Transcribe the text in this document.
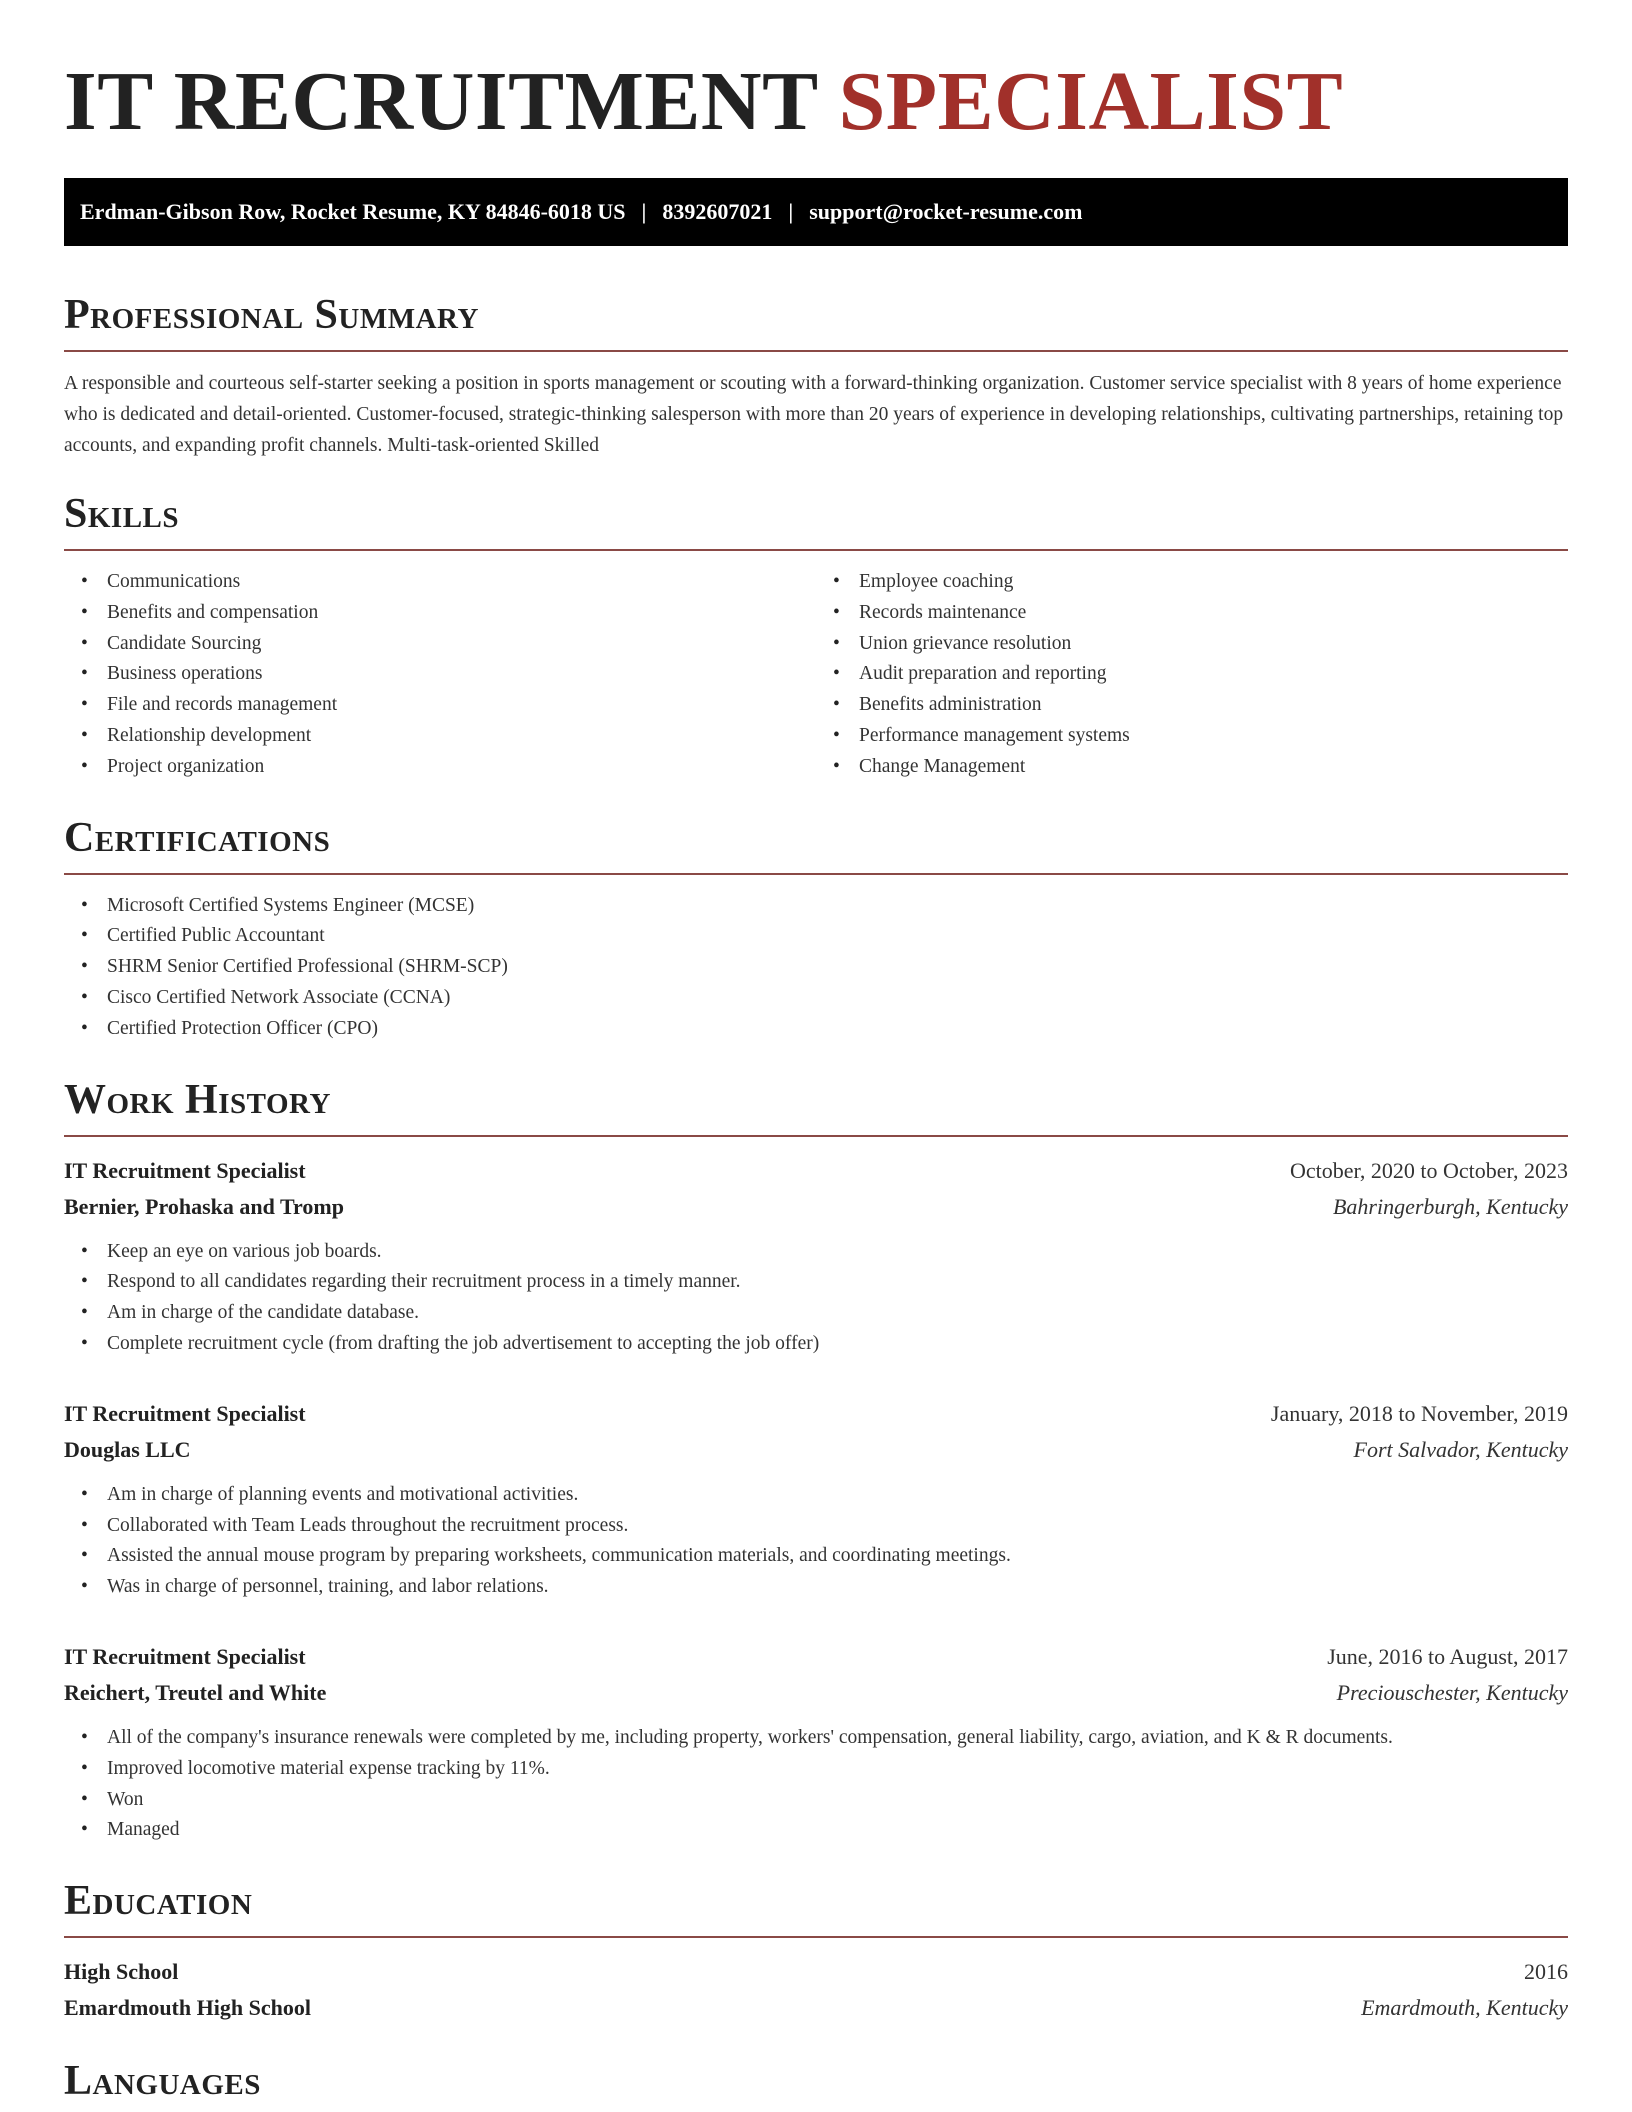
IT RECRUITMENT SPECIALIST
Erdman-Gibson Row, Rocket Resume, KY 84846-6018 US | 8392607021 | support@rocket-resume.com
Professional Summary

A responsible and courteous self-starter seeking a position in sports management or scouting with a forward-thinking organization. Customer service specialist with 8 years of home experience who is dedicated and detail-oriented. Customer-focused, strategic-thinking salesperson with more than 20 years of experience in developing relationships, cultivating partnerships, retaining top accounts, and expanding profit channels. Multi-task-oriented Skilled

Skills
• Communications
• Benefits and compensation
• Candidate Sourcing
• Business operations
• File and records management
• Relationship development
• Project organization
• Employee coaching
• Records maintenance
• Union grievance resolution
• Audit preparation and reporting
• Benefits administration
• Performance management systems
• Change Management
Certifications
• Microsoft Certified Systems Engineer (MCSE)
• Certified Public Accountant
• SHRM Senior Certified Professional (SHRM-SCP)
• Cisco Certified Network Associate (CCNA)
• Certified Protection Officer (CPO)
Work History
IT Recruitment Specialist	October, 2020 to October, 2023
Bernier, Prohaska and Tromp	Bahringerburgh, Kentucky
• Keep an eye on various job boards.
• Respond to all candidates regarding their recruitment process in a timely manner.
• Am in charge of the candidate database.
• Complete recruitment cycle (from drafting the job advertisement to accepting the job offer)
IT Recruitment Specialist	January, 2018 to November, 2019
Douglas LLC	Fort Salvador, Kentucky
• Am in charge of planning events and motivational activities.
• Collaborated with Team Leads throughout the recruitment process.
• Assisted the annual mouse program by preparing worksheets, communication materials, and coordinating meetings.
• Was in charge of personnel, training, and labor relations.
IT Recruitment Specialist	June, 2016 to August, 2017
Reichert, Treutel and White	Preciouschester, Kentucky
• All of the company's insurance renewals were completed by me, including property, workers' compensation, general liability, cargo, aviation, and K & R documents.
• Improved locomotive material expense tracking by 11%.
• Won
• Managed
Education
High School	2016
Emardmouth High School	Emardmouth, Kentucky
Languages
